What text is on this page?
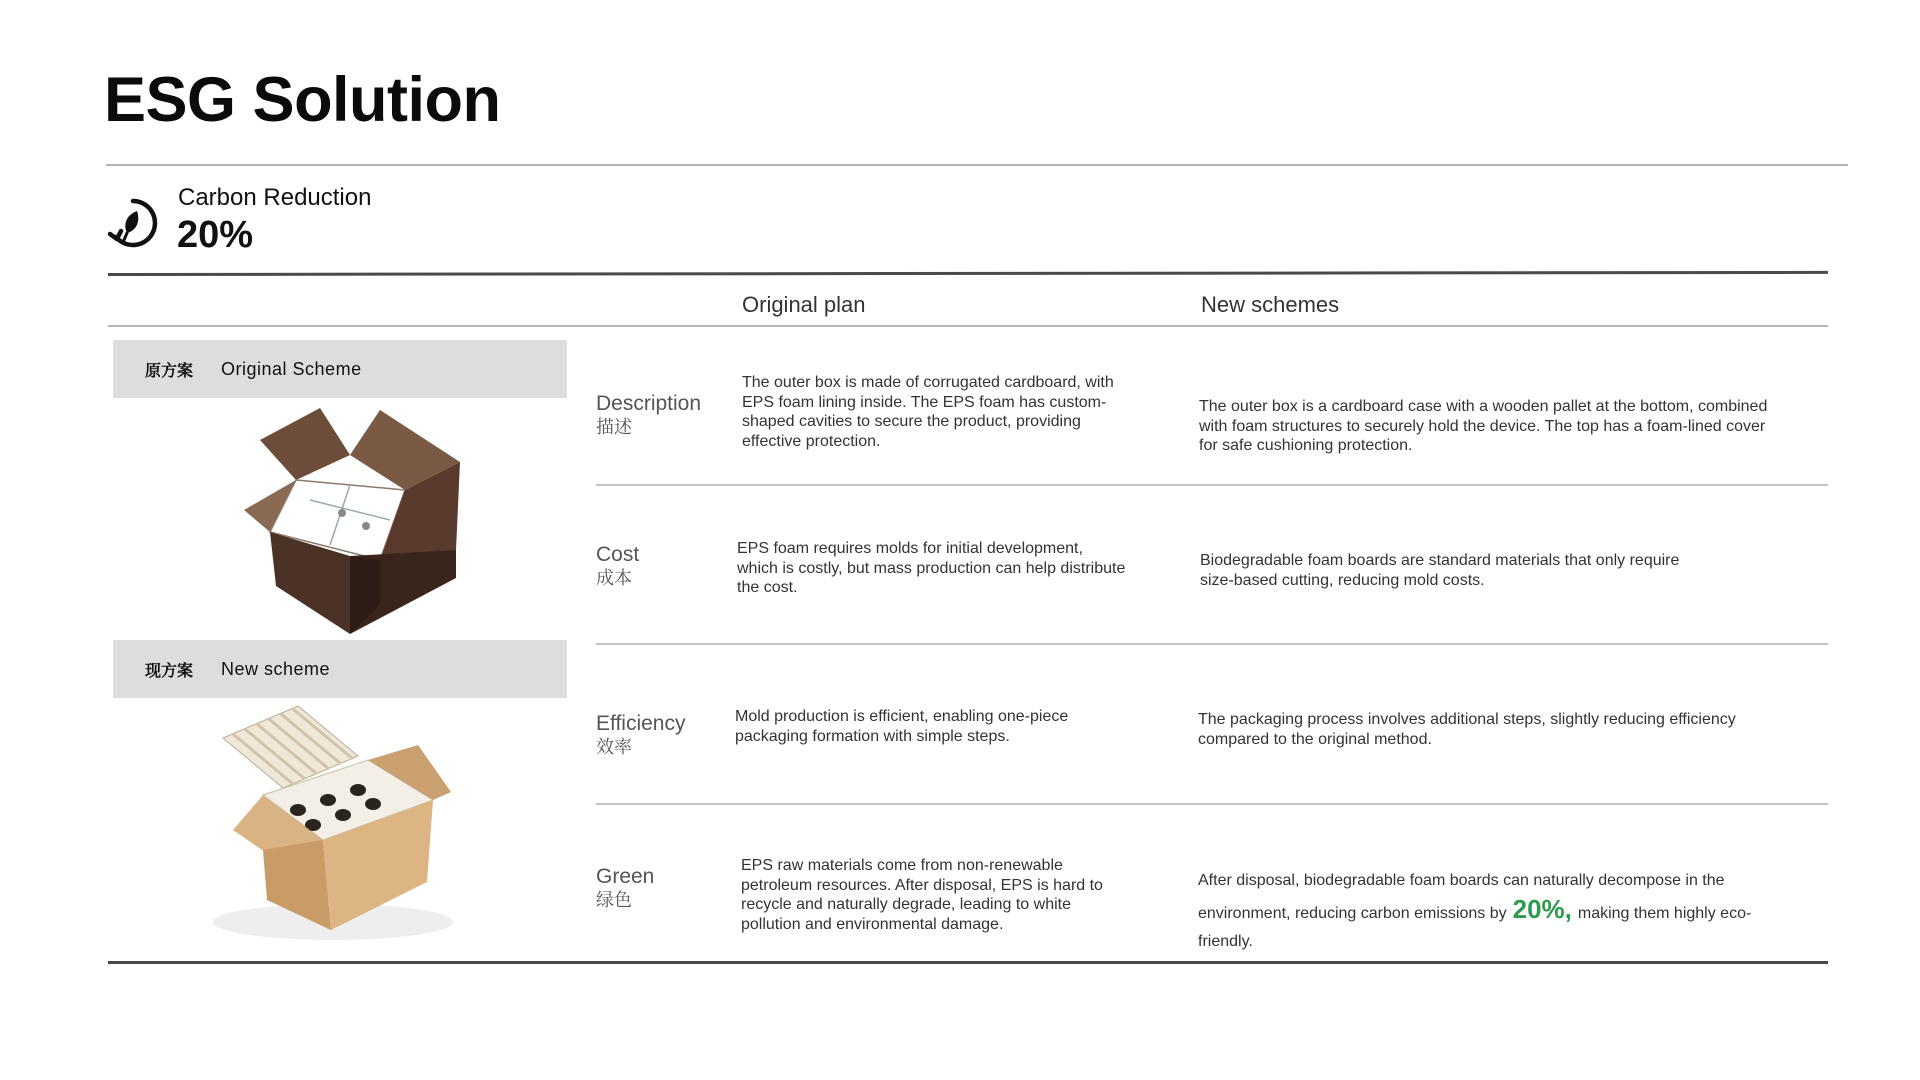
ESG Solution
Carbon Reduction
20%
Original plan	New schemes
原方案 Original Scheme
现方案 New scheme
Description
描述
The outer box is made of corrugated cardboard, with EPS foam lining inside. The EPS foam has custom-shaped cavities to secure the product, providing effective protection.
The outer box is a cardboard case with a wooden pallet at the bottom, combined with foam structures to securely hold the device. The top has a foam-lined cover for safe cushioning protection.
Cost
成本
EPS foam requires molds for initial development, which is costly, but mass production can help distribute the cost.
Biodegradable foam boards are standard materials that only require size-based cutting, reducing mold costs.
Efficiency
效率
Mold production is efficient, enabling one-piece packaging formation with simple steps.
The packaging process involves additional steps, slightly reducing efficiency compared to the original method.
Green
绿色
EPS raw materials come from non-renewable petroleum resources. After disposal, EPS is hard to recycle and naturally degrade, leading to white pollution and environmental damage.
After disposal, biodegradable foam boards can naturally decompose in the environment, reducing carbon emissions by 20%, making them highly eco-friendly.
